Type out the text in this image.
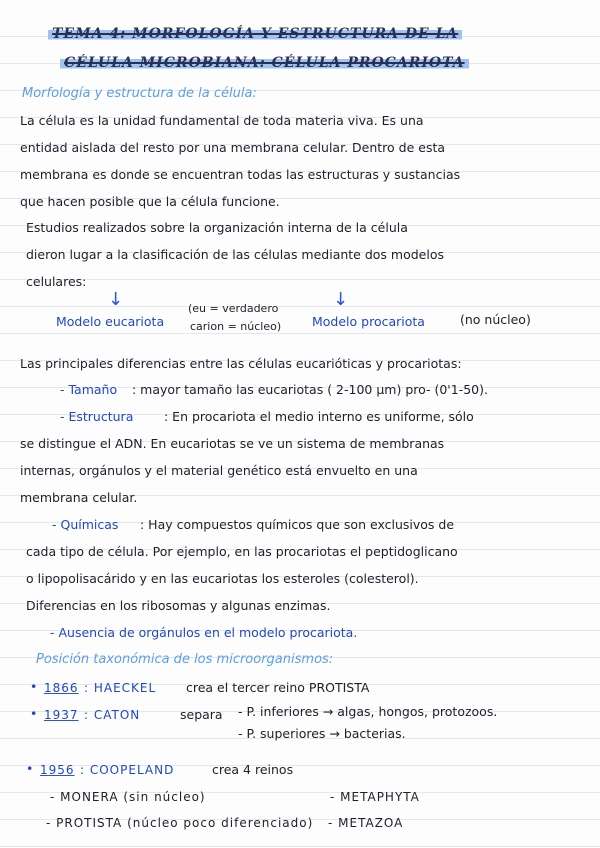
TEMA 4: MORFOLOGÍA Y ESTRUCTURA DE LA
CÉLULA MICROBIANA: CÉLULA PROCARIOTA
Morfología y estructura de la célula:
La célula es la unidad fundamental de toda materia viva. Es una
entidad aislada del resto por una membrana celular. Dentro de esta
membrana es donde se encuentran todas las estructuras y sustancias
que hacen posible que la célula funcione.
Estudios realizados sobre la organización interna de la célula
dieron lugar a la clasificación de las células mediante dos modelos
celulares:
↓	↓
Modelo eucariota
(eu = verdadero
carion = núcleo) Modelo procariota	(no núcleo)
Las principales diferencias entre las células eucarióticas y procariotas:
- Tamaño : mayor tamaño las eucariotas ( 2-100 μm) pro- (0'1-50).
- Estructura : En procariota el medio interno es uniforme, sólo
se distingue el ADN. En eucariotas se ve un sistema de membranas
internas, orgánulos y el material genético está envuelto en una
membrana celular.
- Químicas : Hay compuestos químicos que son exclusivos de
cada tipo de célula. Por ejemplo, en las procariotas el peptidoglicano
o lipopolisacárido y en las eucariotas los esteroles (colesterol).
Diferencias en los ribosomas y algunas enzimas.
- Ausencia de orgánulos en el modelo procariota.
Posición taxonómica de los microorganismos:
• 1866 : HAECKEL crea el tercer reino PROTISTA
• 1937 : CATON	separa - P. inferiores → algas, hongos, protozoos.
- P. superiores → bacterias.
• 1956 : COOPELAND	crea 4 reinos
- MONERA (sin núcleo)	- METAPHYTA
- PROTISTA (núcleo poco diferenciado) - METAZOA
